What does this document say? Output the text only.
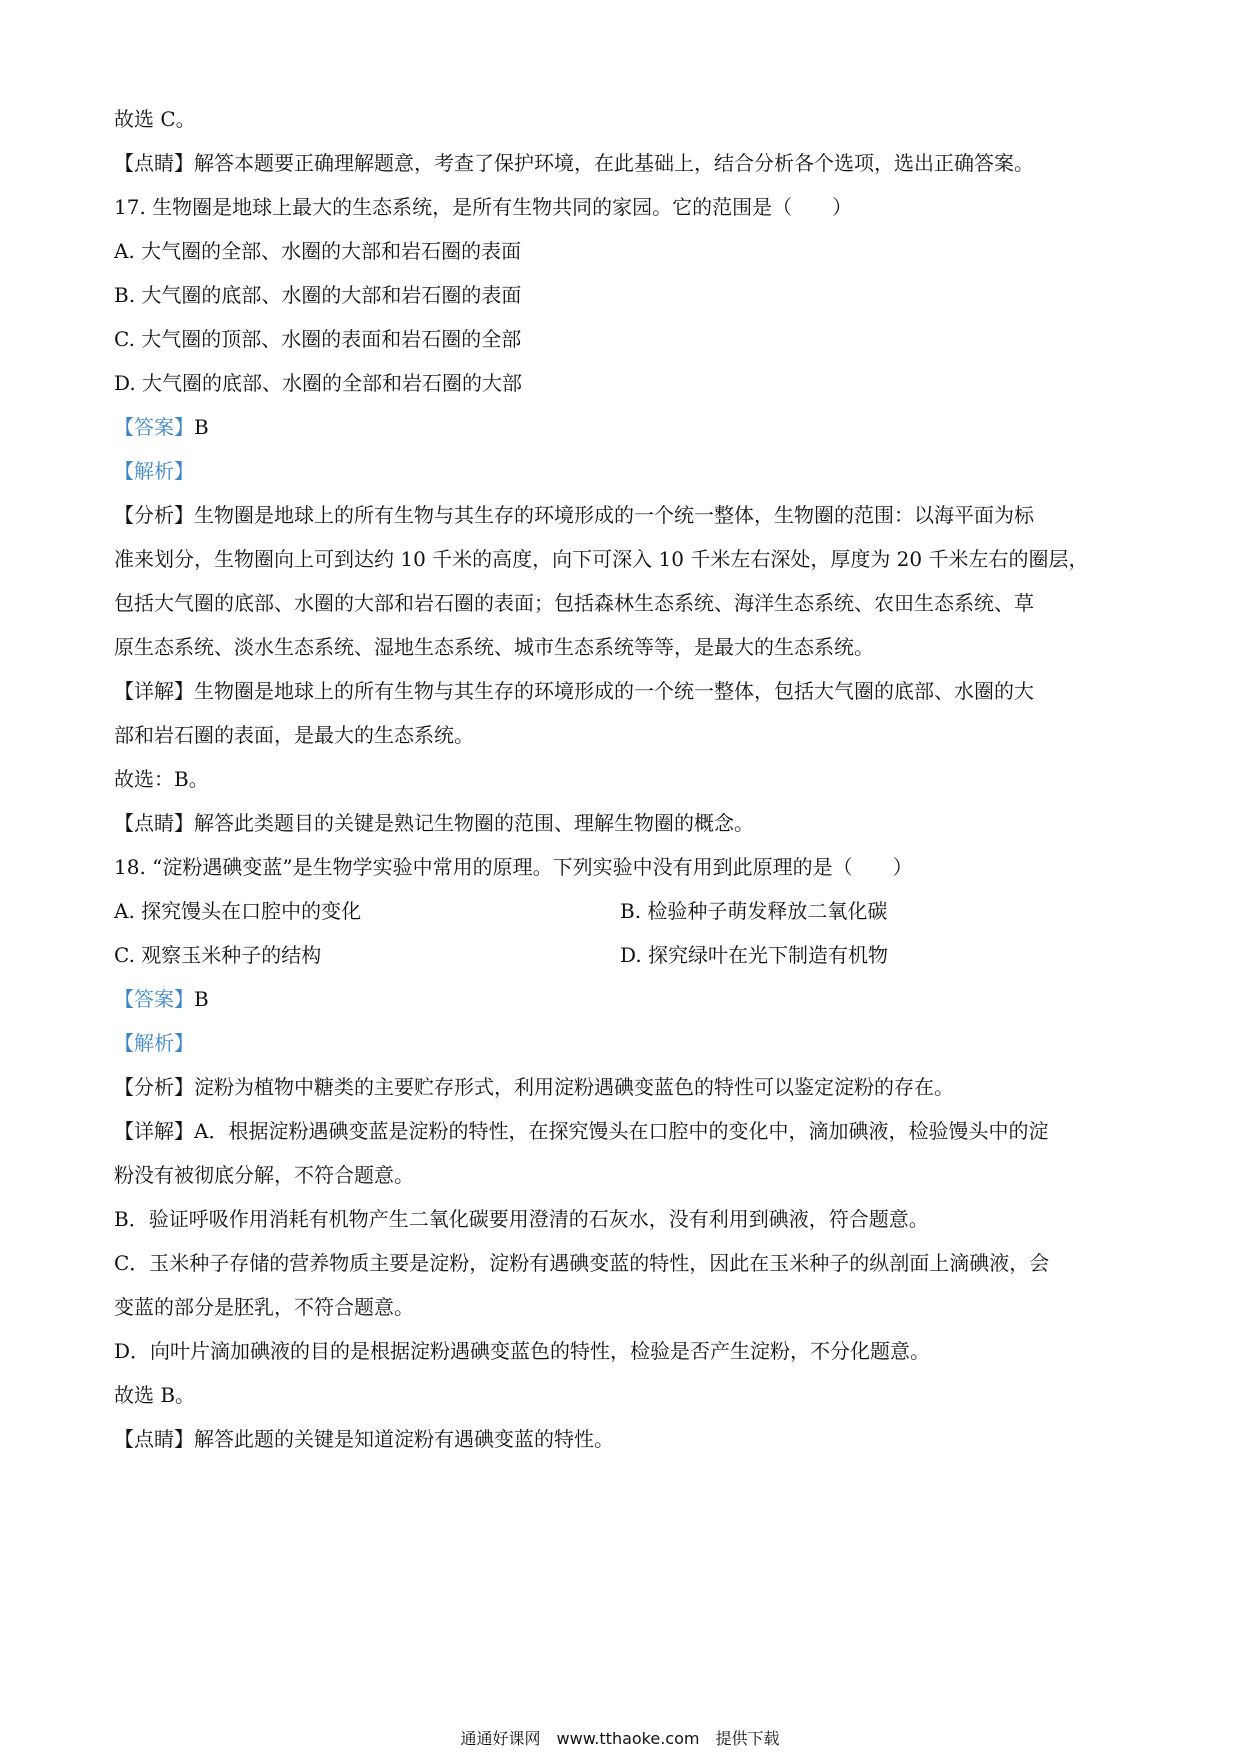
故选 C。
【点睛】解答本题要正确理解题意，考查了保护环境，在此基础上，结合分析各个选项，选出正确答案。
17. 生物圈是地球上最大的生态系统，是所有生物共同的家园。它的范围是（　　）
A. 大气圈的全部、水圈的大部和岩石圈的表面
B. 大气圈的底部、水圈的大部和岩石圈的表面
C. 大气圈的顶部、水圈的表面和岩石圈的全部
D. 大气圈的底部、水圈的全部和岩石圈的大部
【答案】B
【解析】
【分析】生物圈是地球上的所有生物与其生存的环境形成的一个统一整体，生物圈的范围：以海平面为标
准来划分，生物圈向上可到达约 10 千米的高度，向下可深入 10 千米左右深处，厚度为 20 千米左右的圈层，
包括大气圈的底部、水圈的大部和岩石圈的表面；包括森林生态系统、海洋生态系统、农田生态系统、草
原生态系统、淡水生态系统、湿地生态系统、城市生态系统等等，是最大的生态系统。
【详解】生物圈是地球上的所有生物与其生存的环境形成的一个统一整体，包括大气圈的底部、水圈的大
部和岩石圈的表面，是最大的生态系统。
故选：B。
【点睛】解答此类题目的关键是熟记生物圈的范围、理解生物圈的概念。
18. “淀粉遇碘变蓝”是生物学实验中常用的原理。下列实验中没有用到此原理的是（　　）
A. 探究馒头在口腔中的变化	B. 检验种子萌发释放二氧化碳
C. 观察玉米种子的结构	D. 探究绿叶在光下制造有机物
【答案】B
【解析】
【分析】淀粉为植物中糖类的主要贮存形式，利用淀粉遇碘变蓝色的特性可以鉴定淀粉的存在。
【详解】A．根据淀粉遇碘变蓝是淀粉的特性，在探究馒头在口腔中的变化中，滴加碘液，检验馒头中的淀
粉没有被彻底分解，不符合题意。
B．验证呼吸作用消耗有机物产生二氧化碳要用澄清的石灰水，没有利用到碘液，符合题意。
C．玉米种子存储的营养物质主要是淀粉，淀粉有遇碘变蓝的特性，因此在玉米种子的纵剖面上滴碘液，会
变蓝的部分是胚乳，不符合题意。
D．向叶片滴加碘液的目的是根据淀粉遇碘变蓝色的特性，检验是否产生淀粉，不分化题意。
故选 B。
【点睛】解答此题的关键是知道淀粉有遇碘变蓝的特性。
通通好课网　www.tthaoke.com　提供下载
